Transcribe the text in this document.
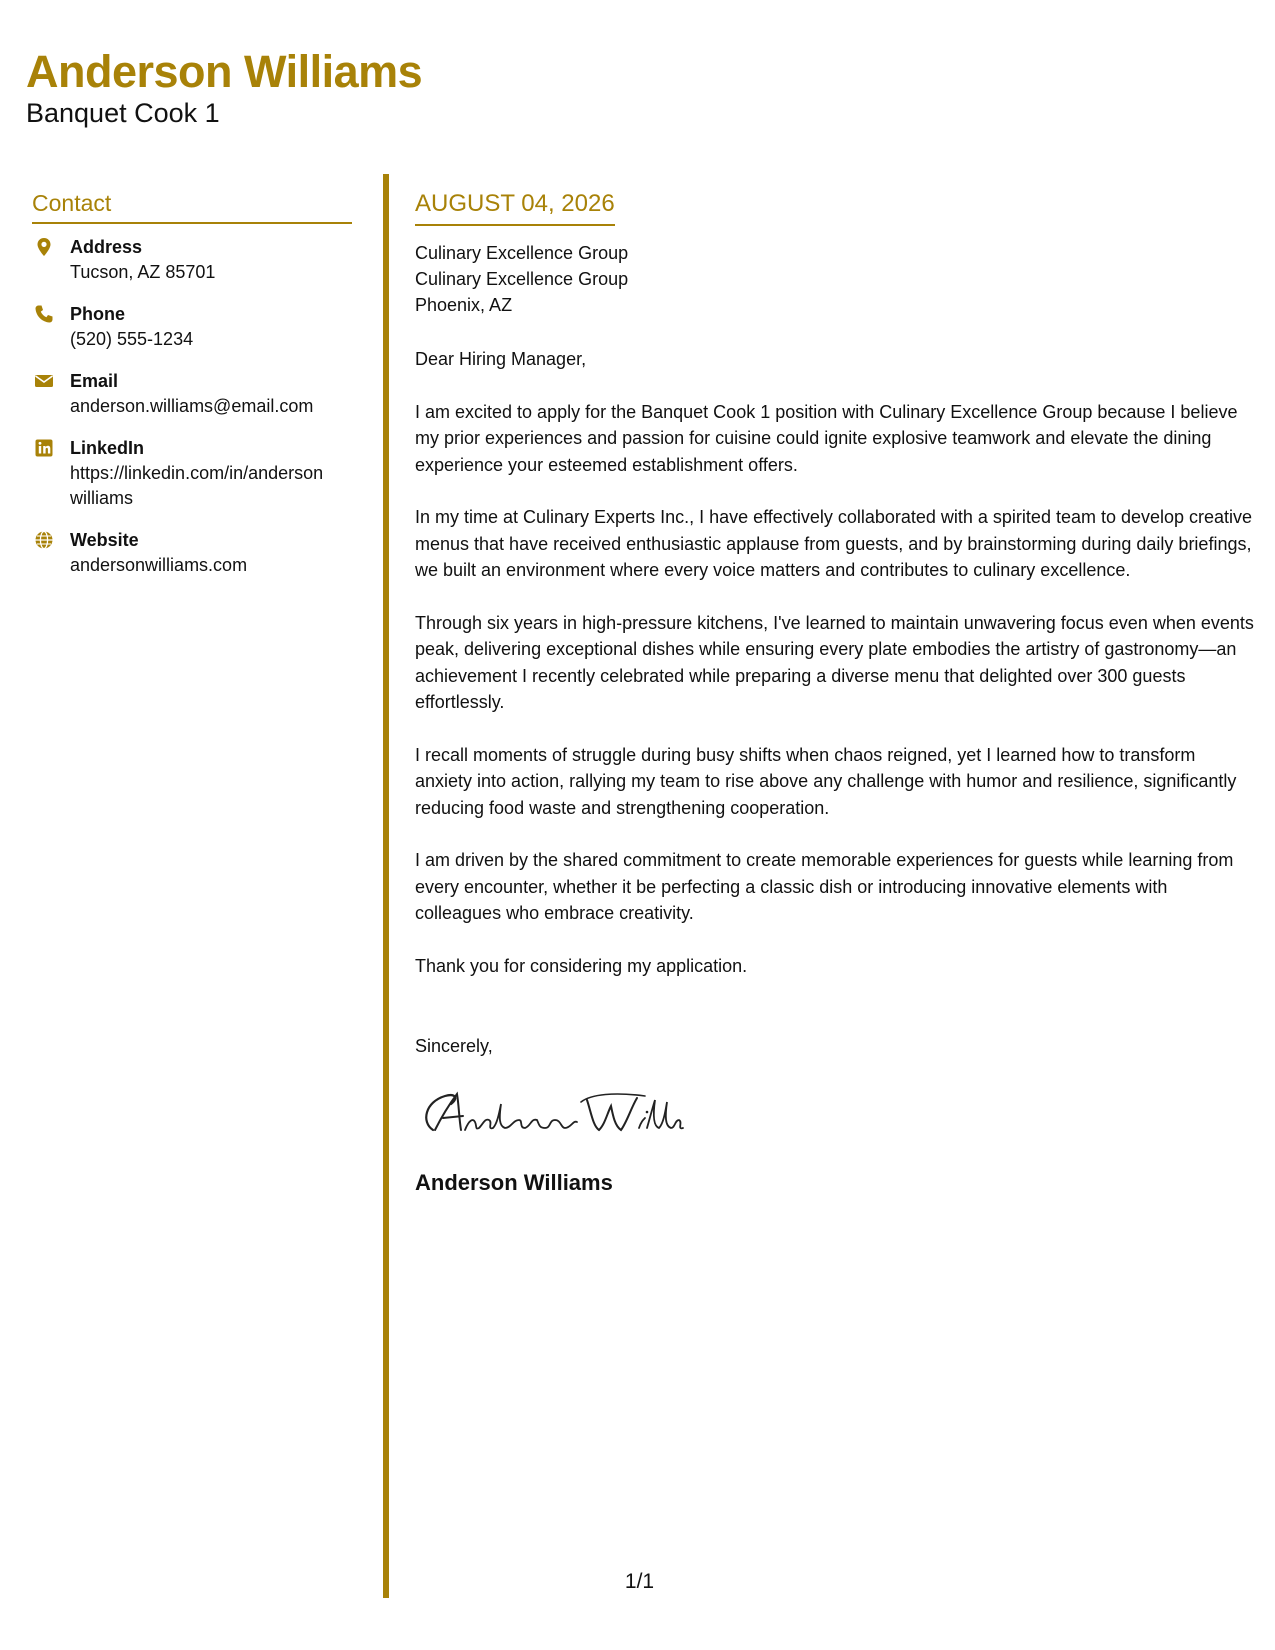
Anderson Williams
Banquet Cook 1
Contact
Address
Tucson, AZ 85701
Phone
(520) 555-1234
Email
anderson.williams@email.com
LinkedIn
https://linkedin.com/in/anderson williams
Website
andersonwilliams.com
AUGUST 04, 2026
Culinary Excellence Group
Culinary Excellence Group
Phoenix, AZ
Dear Hiring Manager,
I am excited to apply for the Banquet Cook 1 position with Culinary Excellence Group because I believe my prior experiences and passion for cuisine could ignite explosive teamwork and elevate the dining experience your esteemed establishment offers.
In my time at Culinary Experts Inc., I have effectively collaborated with a spirited team to develop creative menus that have received enthusiastic applause from guests, and by brainstorming during daily briefings, we built an environment where every voice matters and contributes to culinary excellence.
Through six years in high-pressure kitchens, I've learned to maintain unwavering focus even when events peak, delivering exceptional dishes while ensuring every plate embodies the artistry of gastronomy—an achievement I recently celebrated while preparing a diverse menu that delighted over 300 guests effortlessly.
I recall moments of struggle during busy shifts when chaos reigned, yet I learned how to transform anxiety into action, rallying my team to rise above any challenge with humor and resilience, significantly reducing food waste and strengthening cooperation.
I am driven by the shared commitment to create memorable experiences for guests while learning from every encounter, whether it be perfecting a classic dish or introducing innovative elements with colleagues who embrace creativity.
Thank you for considering my application.
Sincerely,
Anderson Williams
1/1
